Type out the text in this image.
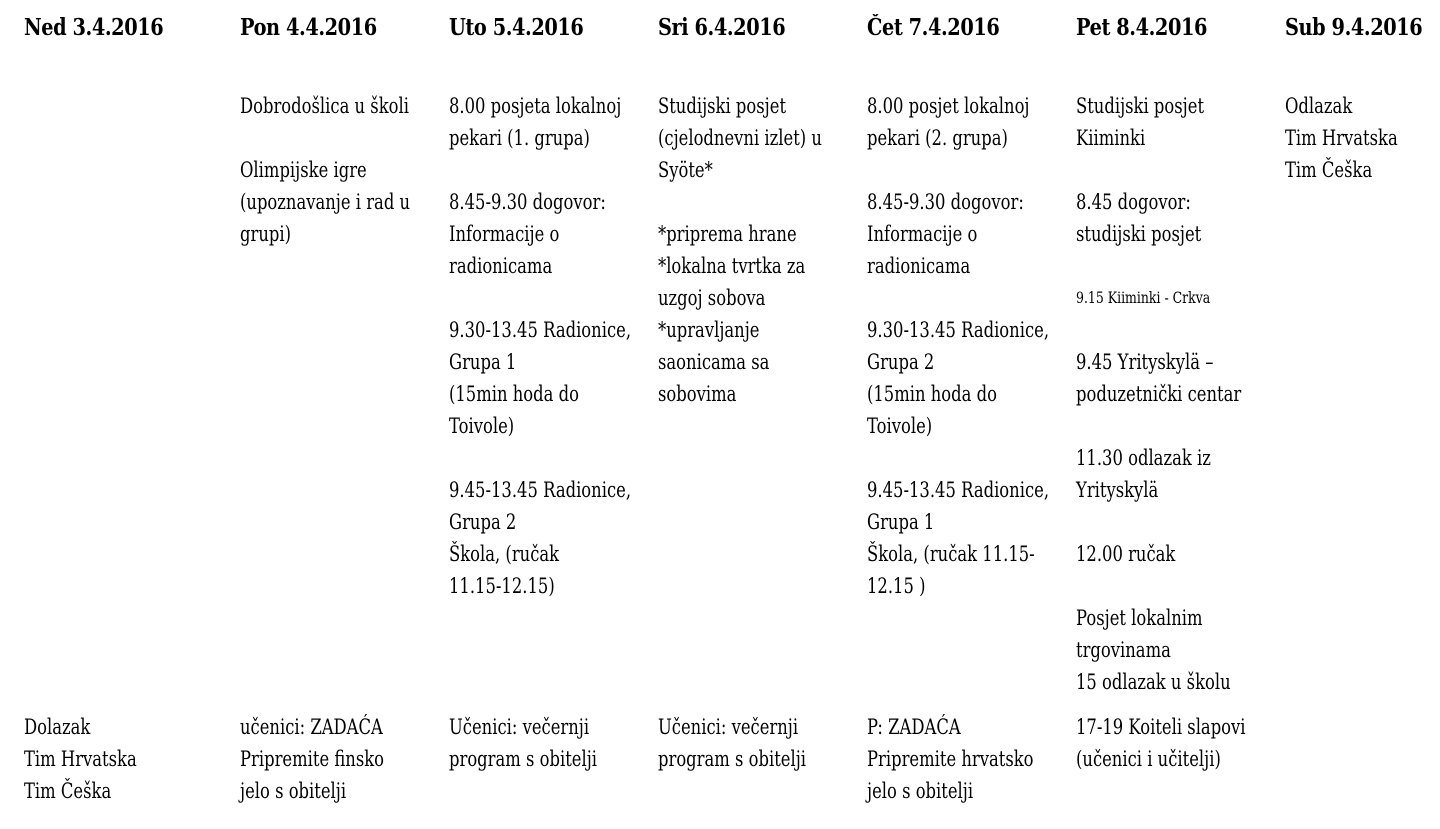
Ned 3.4.2016
Dolazak
Tim Hrvatska
Tim Češka
Pon 4.4.2016
Dobrodošlica u školi
Olimpijske igre
(upoznavanje i rad u
grupi)
učenici: ZADAĆA
Pripremite finsko
jelo s obitelji
Uto 5.4.2016
8.00 posjeta lokalnoj
pekari (1. grupa)
8.45-9.30 dogovor:
Informacije o
radionicama
9.30-13.45 Radionice,
Grupa 1
(15min hoda do
Toivole)
9.45-13.45 Radionice,
Grupa 2
Škola, (ručak
11.15-12.15)
Učenici: večernji
program s obitelji
Sri 6.4.2016
Studijski posjet
(cjelodnevni izlet) u
Syöte*
*priprema hrane
*lokalna tvrtka za
uzgoj sobova
*upravljanje
saonicama sa
sobovima
Učenici: večernji
program s obitelji
Čet 7.4.2016
8.00 posjet lokalnoj
pekari (2. grupa)
8.45-9.30 dogovor:
Informacije o
radionicama
9.30-13.45 Radionice,
Grupa 2
(15min hoda do
Toivole)
9.45-13.45 Radionice,
Grupa 1
Škola, (ručak 11.15-
12.15 )
P: ZADAĆA
Pripremite hrvatsko
jelo s obitelji
Pet 8.4.2016
Studijski posjet
Kiiminki
8.45 dogovor:
studijski posjet
9.15 Kiiminki - Crkva
9.45 Yrityskylä –
poduzetnički centar
11.30 odlazak iz
Yrityskylä
12.00 ručak
Posjet lokalnim
trgovinama
15 odlazak u školu
17-19 Koiteli slapovi
(učenici i učitelji)
Sub 9.4.2016
Odlazak
Tim Hrvatska
Tim Češka
